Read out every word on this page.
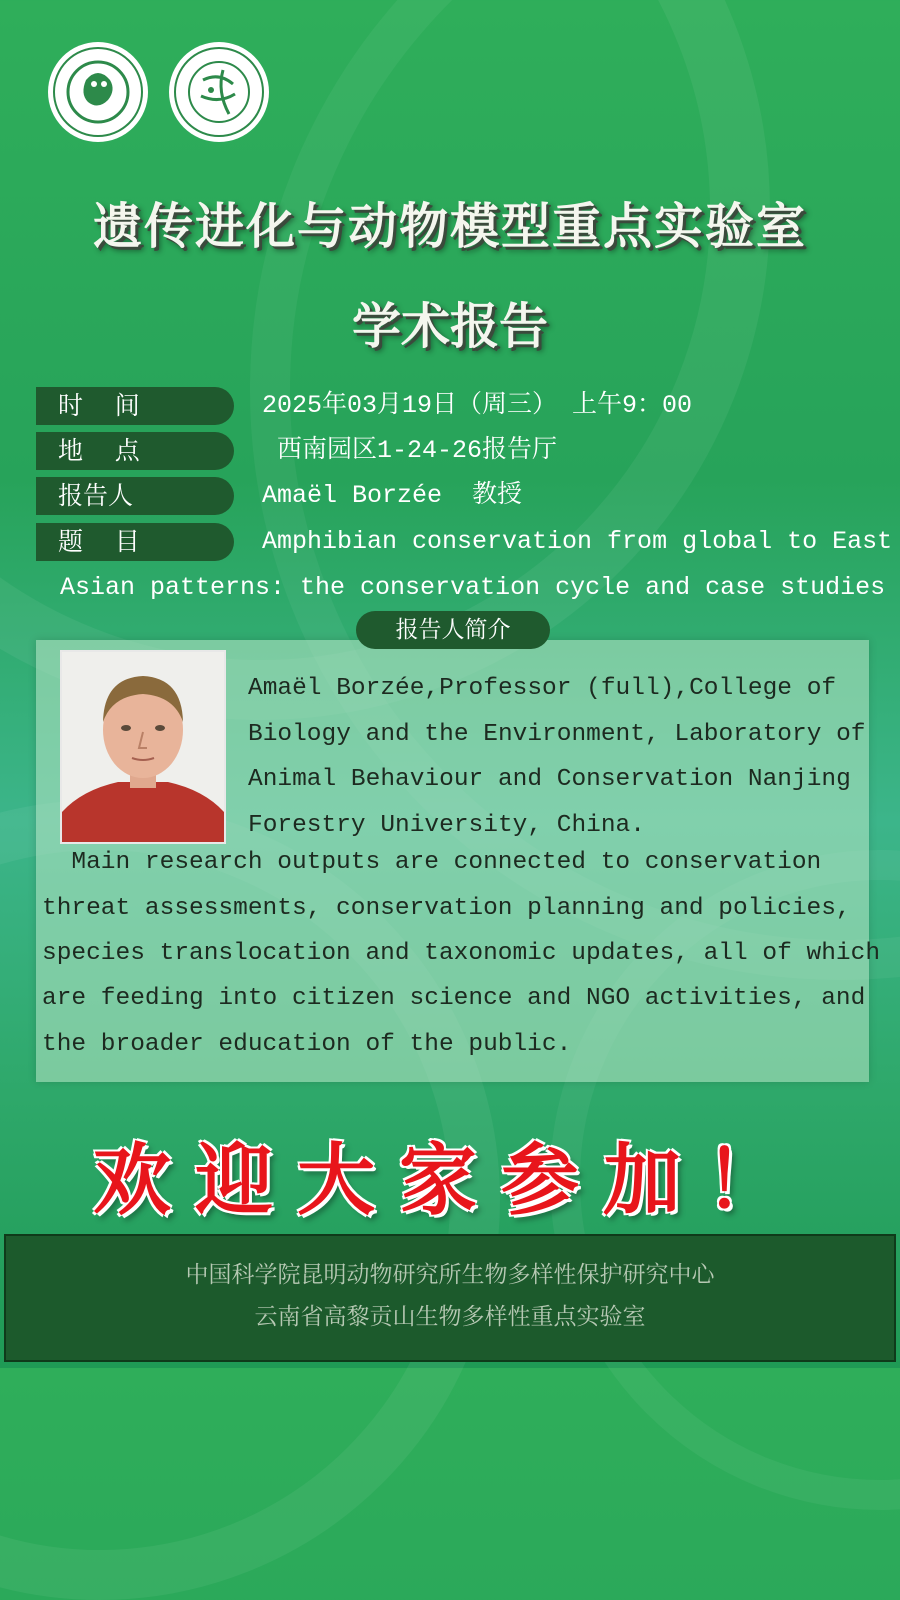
遗传进化与动物模型重点实验室
学术报告
时    间	2025年03月19日（周三） 上午9：00
地    点	西南园区1-24-26报告厅
报告人	Amaël Borzée  教授
题    目	Amphibian conservation from global to East
Asian patterns: the conservation cycle and case studies
报告人简介
Amaël Borzée,Professor (full),College of
Biology and the Environment, Laboratory of
Animal Behaviour and Conservation Nanjing
Forestry University, China.
Main research outputs are connected to conservation
threat assessments, conservation planning and policies,
species translocation and taxonomic updates, all of which
are feeding into citizen science and NGO activities, and
the broader education of the public.
欢迎大家参加！
中国科学院昆明动物研究所生物多样性保护研究中心
云南省高黎贡山生物多样性重点实验室
